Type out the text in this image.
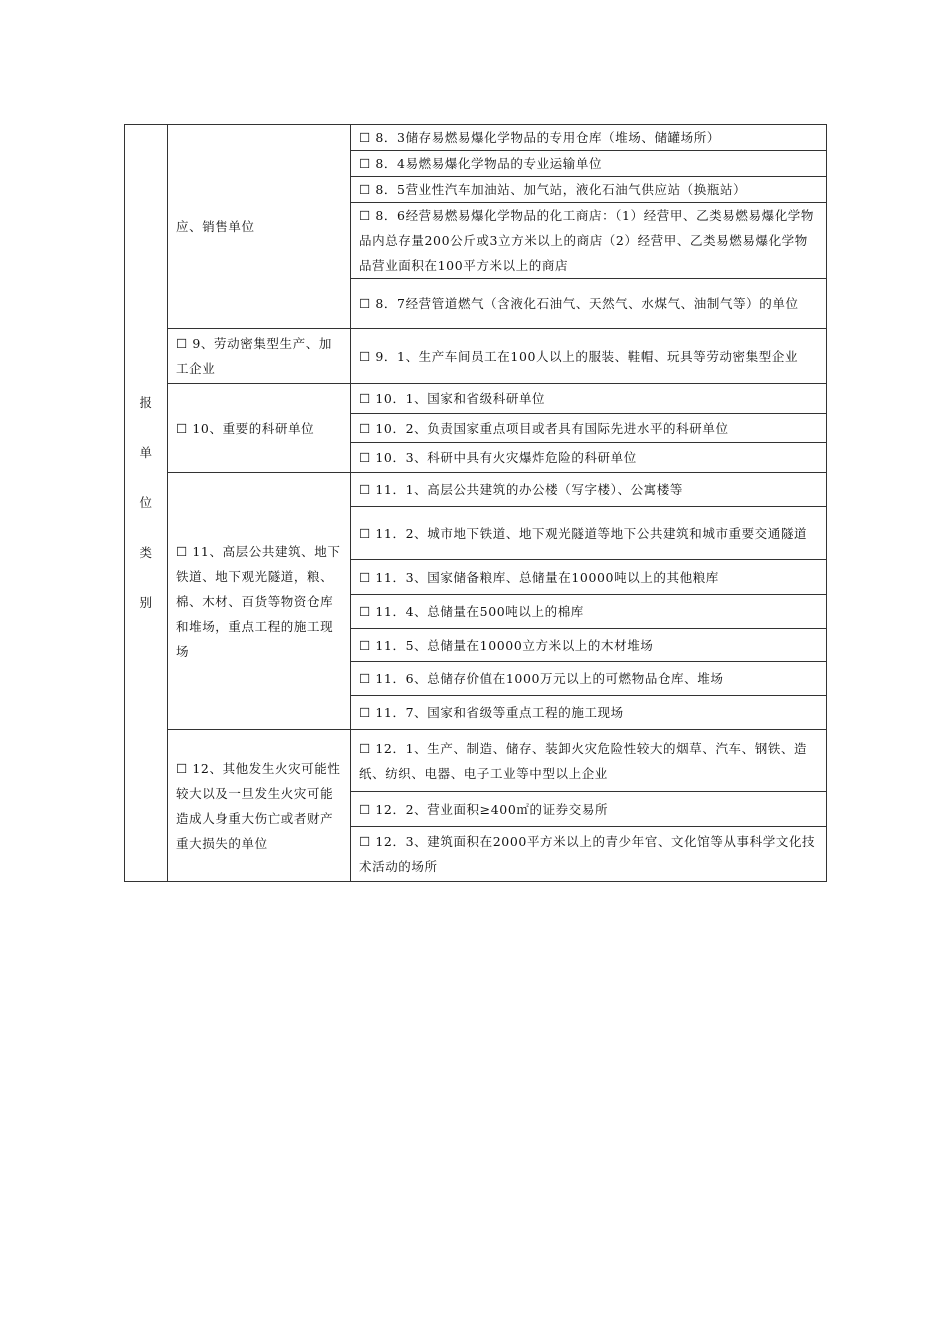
报
单
位
类
别	应、销售单位	☐ 8．3储存易燃易爆化学物品的专用仓库（堆场、储罐场所）
		☐ 8．4易燃易爆化学物品的专业运输单位
		☐ 8．5营业性汽车加油站、加气站，液化石油气供应站（换瓶站）
		☐ 8．6经营易燃易爆化学物品的化工商店：（1）经营甲、乙类易燃易爆化学物品内总存量200公斤或3立方米以上的商店（2）经营甲、乙类易燃易爆化学物品营业面积在100平方米以上的商店
		☐ 8．7经营管道燃气（含液化石油气、天然气、水煤气、油制气等）的单位
	☐ 9、劳动密集型生产、加工企业	☐ 9．1、生产车间员工在100人以上的服装、鞋帽、玩具等劳动密集型企业
	☐ 10、重要的科研单位	☐ 10．1、国家和省级科研单位
		☐ 10．2、负责国家重点项目或者具有国际先进水平的科研单位
		☐ 10．3、科研中具有火灾爆炸危险的科研单位
	☐ 11、高层公共建筑、地下铁道、地下观光隧道，粮、棉、木材、百货等物资仓库和堆场，重点工程的施工现场	☐ 11．1、高层公共建筑的办公楼（写字楼）、公寓楼等
		☐ 11．2、城市地下铁道、地下观光隧道等地下公共建筑和城市重要交通隧道
		☐ 11．3、国家储备粮库、总储量在10000吨以上的其他粮库
		☐ 11．4、总储量在500吨以上的棉库
		☐ 11．5、总储量在10000立方米以上的木材堆场
		☐ 11．6、总储存价值在1000万元以上的可燃物品仓库、堆场
		☐ 11．7、国家和省级等重点工程的施工现场
	☐ 12、其他发生火灾可能性较大以及一旦发生火灾可能造成人身重大伤亡或者财产重大损失的单位	☐ 12．1、生产、制造、储存、装卸火灾危险性较大的烟草、汽车、钢铁、造纸、纺织、电器、电子工业等中型以上企业
		☐ 12．2、营业面积≥400㎡的证券交易所
		☐ 12．3、建筑面积在2000平方米以上的青少年官、文化馆等从事科学文化技术活动的场所
